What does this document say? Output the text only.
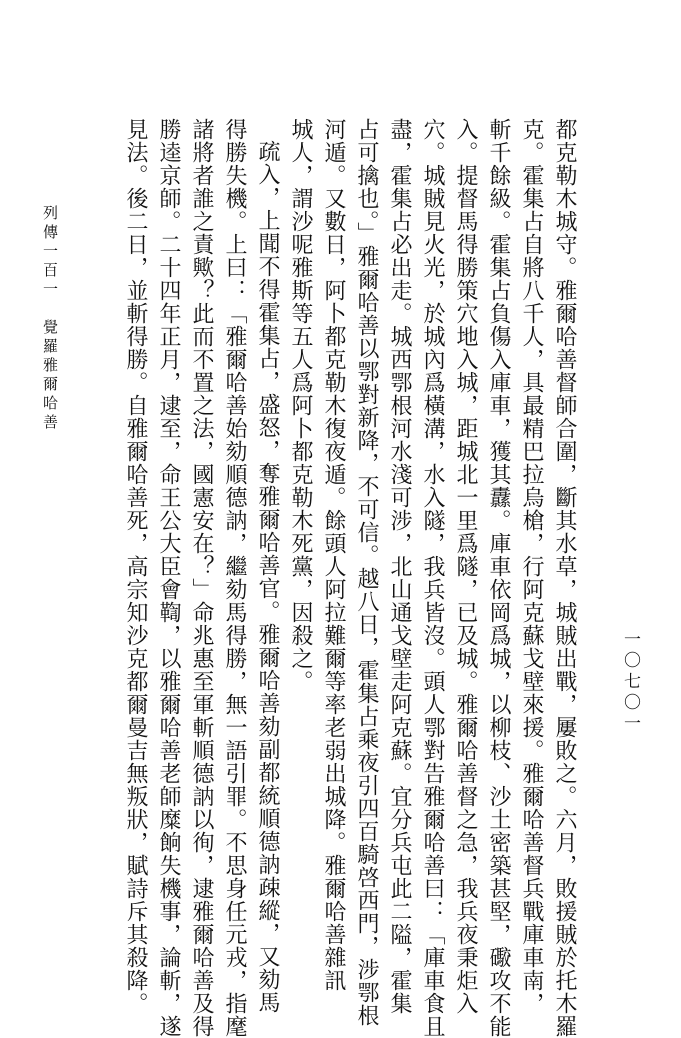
都克勒木城守。雅爾哈善督師合圍，斷其水草，城賊出戰，屢敗之。六月，敗援賊於托木羅
克。霍集占自將八千人，具最精巴拉烏槍，行阿克蘇戈壁來援。雅爾哈善督兵戰庫車南，
斬千餘級。霍集占負傷入庫車，獲其纛。庫車依岡爲城，以柳枝、沙土密築甚堅，礮攻不能
入。提督馬得勝策穴地入城，距城北一里爲隧，已及城。雅爾哈善督之急，我兵夜秉炬入
穴。城賊見火光，於城內爲橫溝，水入隧，我兵皆沒。頭人鄂對告雅爾哈善曰：「庫車食且
盡，霍集占必出走。城西鄂根河水淺可涉，北山通戈壁走阿克蘇。宜分兵屯此二隘，霍集
占可擒也。」雅爾哈善以鄂對新降，不可信。越八日，霍集占乘夜引四百騎啓西門，涉鄂根
河遁。又數日，阿卜都克勒木復夜遁。餘頭人阿拉難爾等率老弱出城降。雅爾哈善雜訊
城人，謂沙呢雅斯等五人爲阿卜都克勒木死黨，因殺之。
疏入，上聞不得霍集占，盛怒，奪雅爾哈善官。雅爾哈善劾副都統順德訥疎縱，又劾馬
得勝失機。上曰：「雅爾哈善始劾順德訥，繼劾馬得勝，無一語引罪。不思身任元戎，指麾
諸將者誰之責歟？此而不置之法，國憲安在？」命兆惠至軍斬順德訥以徇，逮雅爾哈善及得
勝逵京師。二十四年正月，逮至，命王公大臣會鞫，以雅爾哈善老師糜餉失機事，論斬，遂
見法。後二日，並斬得勝。自雅爾哈善死，高宗知沙克都爾曼吉無叛狀，賦詩斥其殺降。
列傳一百一　覺羅雅爾哈善
一〇七〇一
